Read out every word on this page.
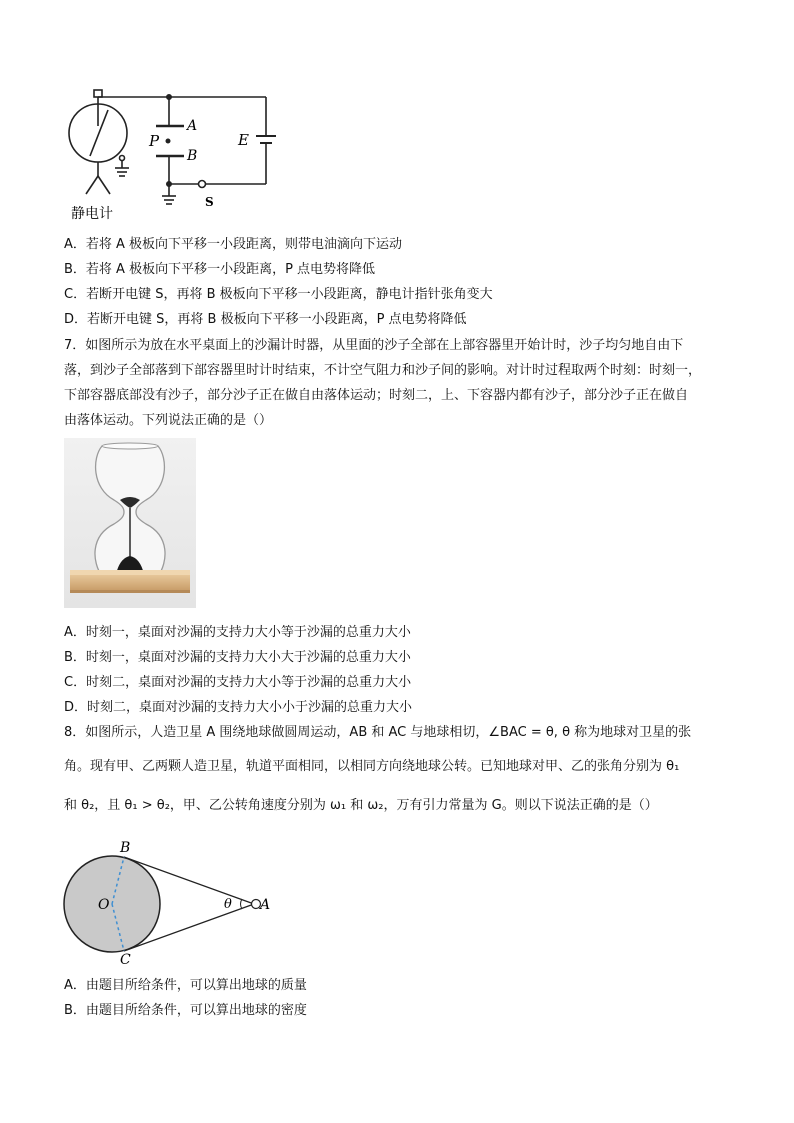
P
A
B
E
S
静电计
A．若将 A 极板向下平移一小段距离，则带电油滴向下运动
B．若将 A 极板向下平移一小段距离，P 点电势将降低
C．若断开电键 S，再将 B 极板向下平移一小段距离，静电计指针张角变大
D．若断开电键 S，再将 B 极板向下平移一小段距离，P 点电势将降低
7．如图所示为放在水平桌面上的沙漏计时器，从里面的沙子全部在上部容器里开始计时，沙子均匀地自由下
落，到沙子全部落到下部容器里时计时结束，不计空气阻力和沙子间的影响。对计时过程取两个时刻：时刻一，
下部容器底部没有沙子，部分沙子正在做自由落体运动；时刻二，上、下容器内都有沙子，部分沙子正在做自
由落体运动。下列说法正确的是（）
A．时刻一，桌面对沙漏的支持力大小等于沙漏的总重力大小
B．时刻一，桌面对沙漏的支持力大小大于沙漏的总重力大小
C．时刻二，桌面对沙漏的支持力大小等于沙漏的总重力大小
D．时刻二，桌面对沙漏的支持力大小小于沙漏的总重力大小
8．如图所示，人造卫星 A 围绕地球做圆周运动，AB 和 AC 与地球相切，∠BAC = θ, θ 称为地球对卫星的张
角。现有甲、乙两颗人造卫星，轨道平面相同，以相同方向绕地球公转。已知地球对甲、乙的张角分别为 θ₁
和 θ₂，且 θ₁ > θ₂，甲、乙公转角速度分别为 ω₁ 和 ω₂，万有引力常量为 G。则以下说法正确的是（）
O
B
C
A
θ
A．由题目所给条件，可以算出地球的质量
B．由题目所给条件，可以算出地球的密度
